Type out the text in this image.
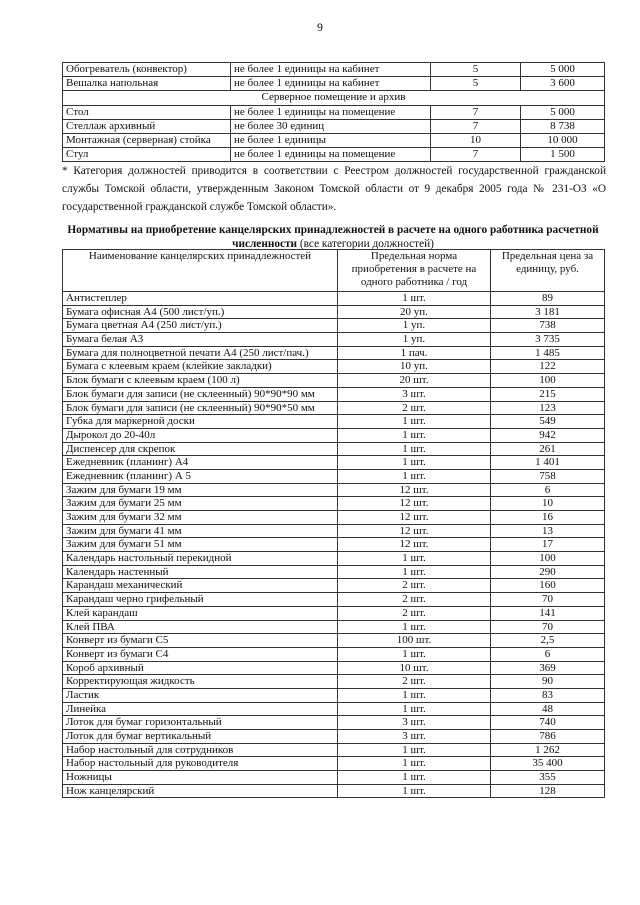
9
Обогреватель (конвектор)	не более 1 единицы на кабинет	5	5 000
Вешалка напольная	не более 1 единицы на кабинет	5	3 600
Серверное помещение и архив			
Стол	не более 1 единицы на помещение	7	5 000
Стеллаж архивный	не более 30 единиц	7	8 738
Монтажная (серверная) стойка	не более 1 единицы	10	10 000
Стул	не более 1 единицы на помещение	7	1 500
* Категория должностей приводится в соответствии с Реестром должностей государственной гражданской службы Томской области, утвержденным Законом Томской области от 9 декабря 2005 года № 231-ОЗ «О государственной гражданской службе Томской области».
Нормативы на приобретение канцелярских принадлежностей в расчете на одного работника расчетной численности (все категории должностей)
Наименование канцелярских принадлежностей	Предельная норма приобретения в расчете на одного работника / год	Предельная цена за единицу, руб.
Антистеплер	1 шт.	89
Бумага офисная А4 (500 лист/уп.)	20 уп.	3 181
Бумага цветная А4 (250 лист/уп.)	1 уп.	738
Бумага белая А3	1 уп.	3 735
Бумага для полноцветной печати А4 (250 лист/пач.)	1 пач.	1 485
Бумага с клеевым краем (клейкие закладки)	10 уп.	122
Блок бумаги с клеевым краем (100 л)	20 шт.	100
Блок бумаги для записи (не склеенный) 90*90*90 мм	3 шт.	215
Блок бумаги для записи (не склеенный) 90*90*50 мм	2 шт.	123
Губка для маркерной доски	1 шт.	549
Дырокол до 20-40л	1 шт.	942
Диспенсер для скрепок	1 шт.	261
Ежедневник (планинг) А4	1 шт.	1 401
Ежедневник (планинг) А 5	1 шт.	758
Зажим для бумаги 19 мм	12 шт.	6
Зажим для бумаги 25 мм	12 шт.	10
Зажим для бумаги 32 мм	12 шт.	16
Зажим для бумаги 41 мм	12 шт.	13
Зажим для бумаги 51 мм	12 шт.	17
Календарь настольный перекидной	1 шт.	100
Календарь настенный	1 шт.	290
Карандаш механический	2 шт.	160
Карандаш черно грифельный	2 шт.	70
Клей карандаш	2 шт.	141
Клей ПВА	1 шт.	70
Конверт из бумаги С5	100 шт.	2,5
Конверт из бумаги С4	1 шт.	6
Короб архивный	10 шт.	369
Корректирующая жидкость	2 шт.	90
Ластик	1 шт.	83
Линейка	1 шт.	48
Лоток для бумаг горизонтальный	3 шт.	740
Лоток для бумаг вертикальный	3 шт.	786
Набор настольный для сотрудников	1 шт.	1 262
Набор настольный для руководителя	1 шт.	35 400
Ножницы	1 шт.	355
Нож канцелярский	1 шт.	128
